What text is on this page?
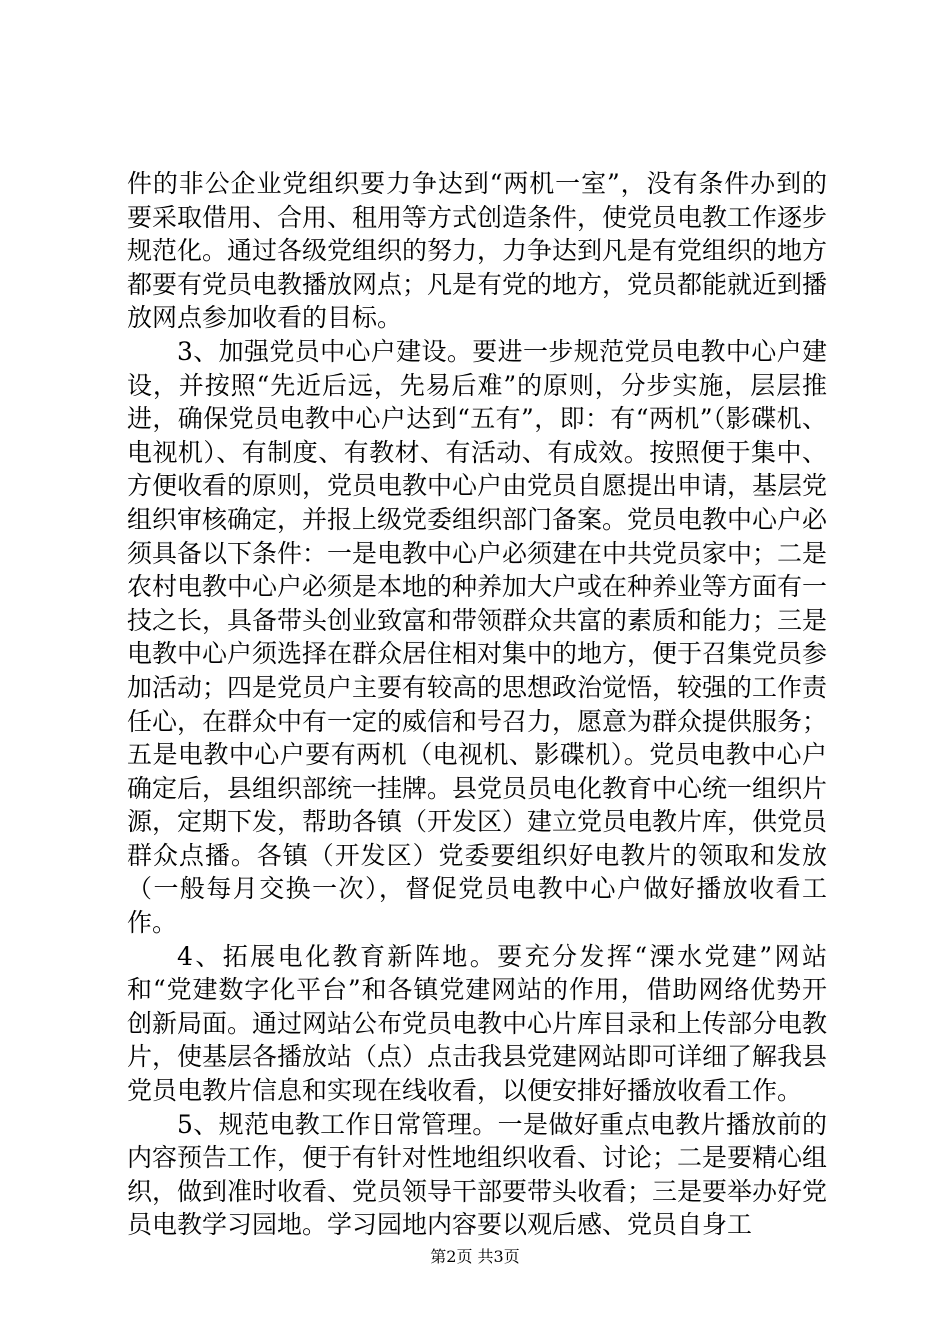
件的非公企业党组织要力争达到“两机一室”，没有条件办到的要采取借用、合用、租用等方式创造条件，使党员电教工作逐步规范化。通过各级党组织的努力，力争达到凡是有党组织的地方都要有党员电教播放网点；凡是有党的地方，党员都能就近到播放网点参加收看的目标。

3、加强党员中心户建设。要进一步规范党员电教中心户建设，并按照“先近后远，先易后难”的原则，分步实施，层层推进，确保党员电教中心户达到“五有”，即：有“两机”（影碟机、电视机）、有制度、有教材、有活动、有成效。按照便于集中、方便收看的原则，党员电教中心户由党员自愿提出申请，基层党组织审核确定，并报上级党委组织部门备案。党员电教中心户必须具备以下条件：一是电教中心户必须建在中共党员家中；二是农村电教中心户必须是本地的种养加大户或在种养业等方面有一技之长，具备带头创业致富和带领群众共富的素质和能力；三是电教中心户须选择在群众居住相对集中的地方，便于召集党员参加活动；四是党员户主要有较高的思想政治觉悟，较强的工作责任心，在群众中有一定的威信和号召力，愿意为群众提供服务；五是电教中心户要有两机（电视机、影碟机）。党员电教中心户确定后，县组织部统一挂牌。县党员员电化教育中心统一组织片源，定期下发，帮助各镇（开发区）建立党员电教片库，供党员群众点播。各镇（开发区）党委要组织好电教片的领取和发放（一般每月交换一次），督促党员电教中心户做好播放收看工作。

4、拓展电化教育新阵地。要充分发挥“溧水党建”网站和“党建数字化平台”和各镇党建网站的作用，借助网络优势开创新局面。通过网站公布党员电教中心片库目录和上传部分电教片，使基层各播放站（点）点击我县党建网站即可详细了解我县党员电教片信息和实现在线收看，以便安排好播放收看工作。

5、规范电教工作日常管理。一是做好重点电教片播放前的内容预告工作，便于有针对性地组织收看、讨论；二是要精心组织，做到准时收看、党员领导干部要带头收看；三是要举办好党员电教学习园地。学习园地内容要以观后感、党员自身工

第2页 共3页
